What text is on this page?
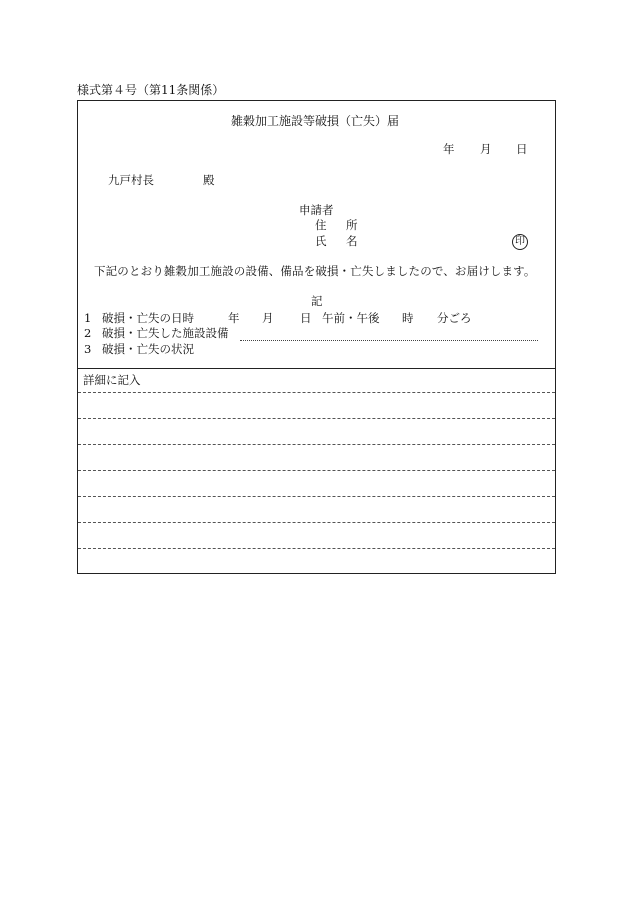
様式第４号（第11条関係）
雑穀加工施設等破損（亡失）届
年 月 日
九戸村長	殿
申請者
住 所
氏 名	印
下記のとおり雑穀加工施設の設備、備品を破損・亡失しましたので、お届けします。
記
1 破損・亡失の日時	年 月 日 午前・午後 時 分ごろ
2 破損・亡失した施設設備
3 破損・亡失の状況
詳細に記入
